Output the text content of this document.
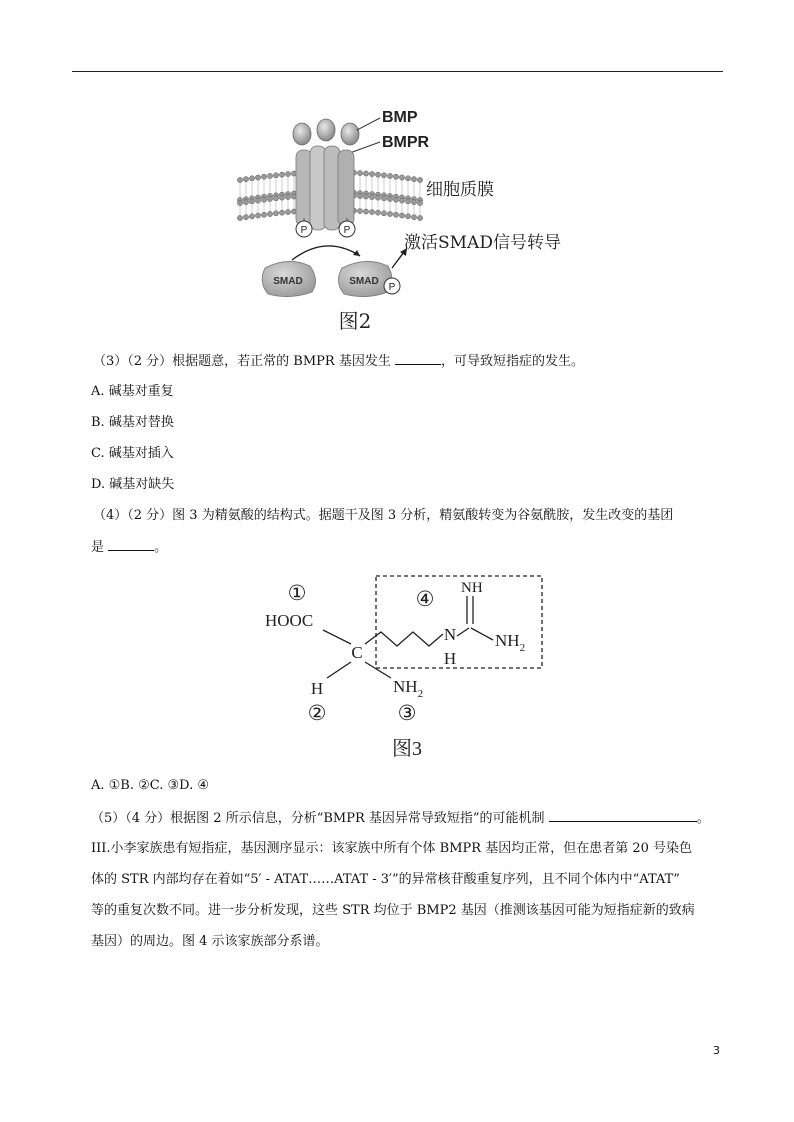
BMP
BMPR
细胞质膜
P	P
SMAD	SMAD
P
激活SMAD信号转导
图2
（3）（2 分）根据题意，若正常的 BMPR 基因发生	，可导致短指症的发生。
A. 碱基对重复
B. 碱基对替换
C. 碱基对插入
D. 碱基对缺失
（4）（2 分）图 3 为精氨酸的结构式。据题干及图 3 分析，精氨酸转变为谷氨酰胺，发生改变的基团
是	。
①
HOOC
C
H
②
$NH_2$
③
④ NH
N
H
$NH_2$
图3
A. ①B. ②C. ③D. ④
（5）（4 分）根据图 2 所示信息，分析“BMPR 基因异常导致短指”的可能机制	。
III.小李家族患有短指症，基因测序显示：该家族中所有个体 BMPR 基因均正常，但在患者第 20 号染色
体的 STR 内部均存在着如“5′ ‐ ATAT……ATAT ‐ 3′”的异常核苷酸重复序列，且不同个体内中“ATAT”
等的重复次数不同。进一步分析发现，这些 STR 均位于 BMP2 基因（推测该基因可能为短指症新的致病
基因）的周边。图 4 示该家族部分系谱。
3
